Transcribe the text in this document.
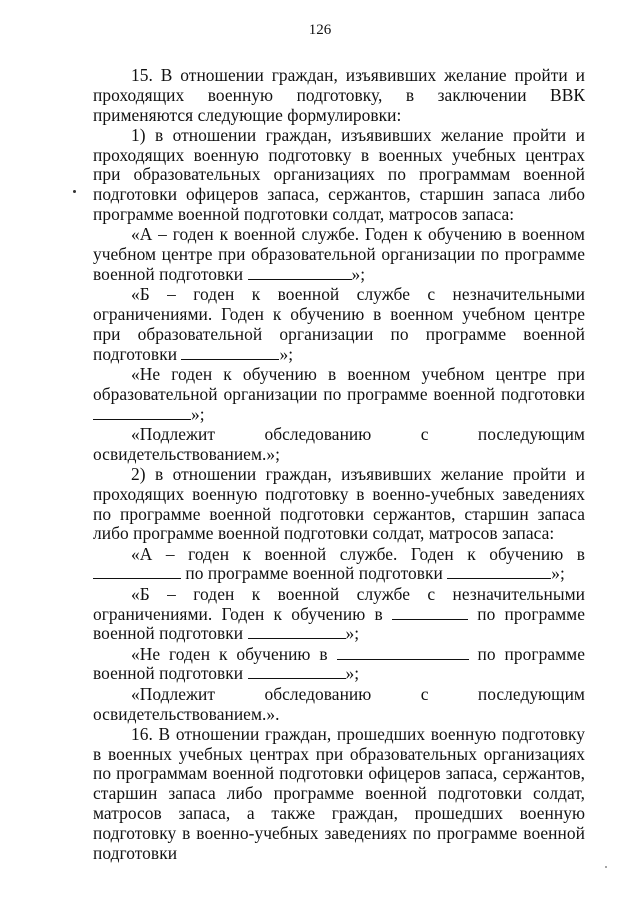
126

15. В отношении граждан, изъявивших желание пройти и проходящих военную подготовку, в заключении ВВК применяются следующие формулировки:

1) в отношении граждан, изъявивших желание пройти и проходящих военную подготовку в военных учебных центрах при образовательных организациях по программам военной подготовки офицеров запаса, сержантов, старшин запаса либо программе военной подготовки солдат, матросов запаса:

«А – годен к военной службе. Годен к обучению в военном учебном центре при образовательной организации по программе военной подготовки	»;

«Б – годен к военной службе с незначительными ограничениями. Годен к обучению в военном учебном центре при образовательной организации по программе военной подготовки	»;

«Не годен к обучению в военном учебном центре при образовательной организации по программе военной подготовки »;

«Подлежит обследованию с последующим освидетельствованием.»;

2) в отношении граждан, изъявивших желание пройти и проходящих военную подготовку в военно-учебных заведениях по программе военной подготовки сержантов, старшин запаса либо программе военной подготовки солдат, матросов запаса:

«А – годен к военной службе. Годен к обучению в  по программе военной подготовки	»;

«Б – годен к военной службе с незначительными ограничениями. Годен к обучению в	по программе военной подготовки	»;

«Не годен к обучению в	по программе военной подготовки	»;

«Подлежит обследованию с последующим освидетельствованием.».

16. В отношении граждан, прошедших военную подготовку в военных учебных центрах при образовательных организациях по программам военной подготовки офицеров запаса, сержантов, старшин запаса либо программе военной подготовки солдат, матросов запаса, а также граждан, прошедших военную подготовку в военно-учебных заведениях по программе военной подготовки
